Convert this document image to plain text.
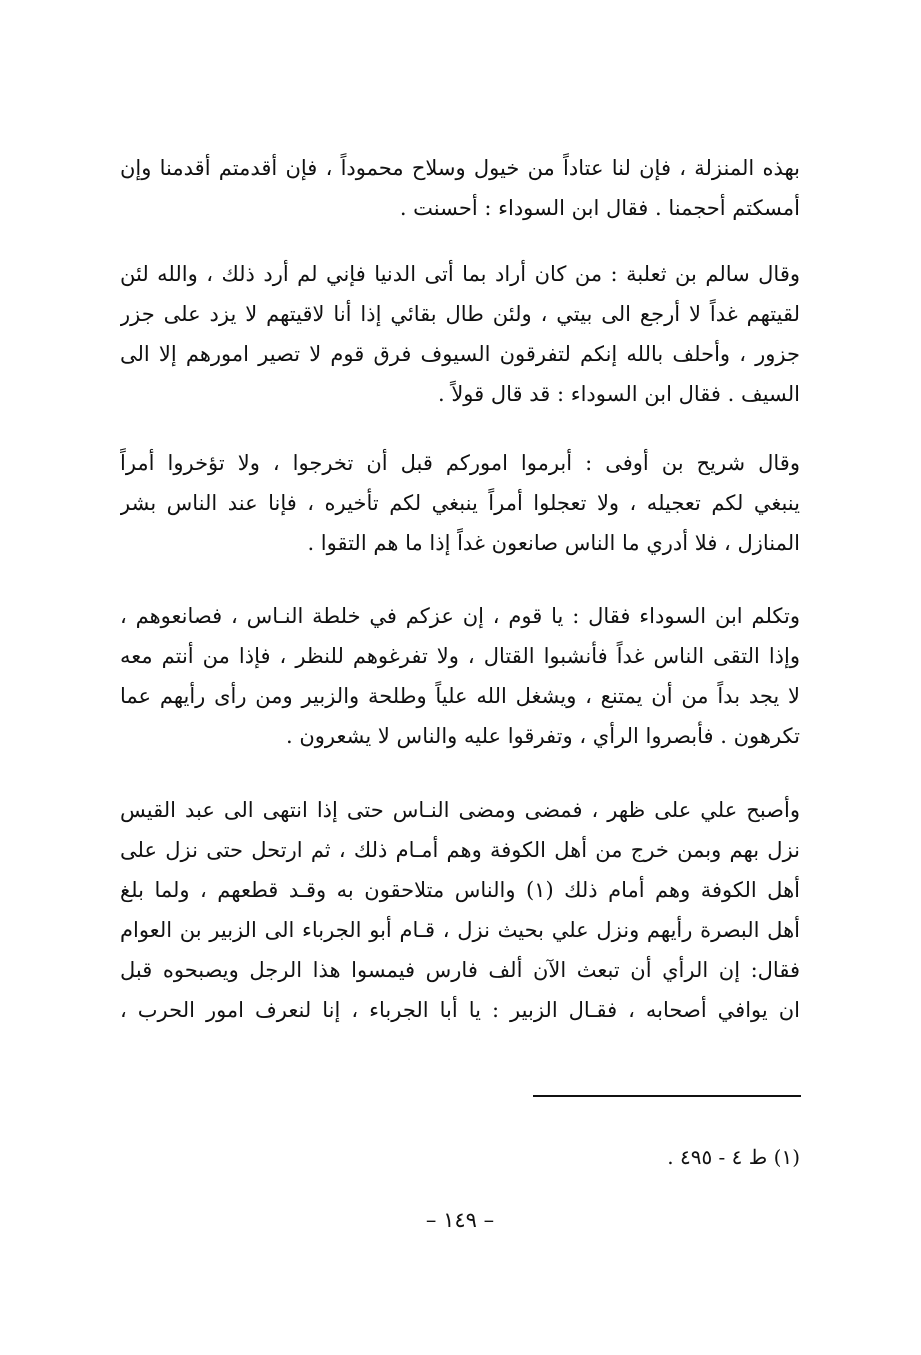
بهذه المنزلة ، فإن لنا عتاداً من خيول وسلاح محموداً ، فإن أقدمتم أقدمنا وإن
أمسكتم أحجمنا . فقال ابن السوداء : أحسنت .
وقال سالم بن ثعلبة : من كان أراد بما أتى الدنيا فإني لم أرد ذلك ، والله لئن
لقيتهم غداً لا أرجع الى بيتي ، ولئن طال بقائي إذا أنا لاقيتهم لا يزد على جزر
جزور ، وأحلف بالله إنكم لتفرقون السيوف فرق قوم لا تصير امورهم إلا الى
السيف . فقال ابن السوداء : قد قال قولاً .
وقال شريح بن أوفى : أبرموا اموركم قبل أن تخرجوا ، ولا تؤخروا أمراً
ينبغي لكم تعجيله ، ولا تعجلوا أمراً ينبغي لكم تأخيره ، فإنا عند الناس بشر
المنازل ، فلا أدري ما الناس صانعون غداً إذا ما هم التقوا .
وتكلم ابن السوداء فقال : يا قوم ، إن عزكم في خلطة النـاس ، فصانعوهم ،
وإذا التقى الناس غداً فأنشبوا القتال ، ولا تفرغوهم للنظر ، فإذا من أنتم معه
لا يجد بداً من أن يمتنع ، ويشغل الله علياً وطلحة والزبير ومن رأى رأيهم عما
تكرهون . فأبصروا الرأي ، وتفرقوا عليه والناس لا يشعرون .
وأصبح علي على ظهر ، فمضى ومضى النـاس حتى إذا انتهى الى عبد القيس
نزل بهم وبمن خرج من أهل الكوفة وهم أمـام ذلك ، ثم ارتحل حتى نزل على
أهل الكوفة وهم أمام ذلك (١) والناس متلاحقون به وقـد قطعهم ، ولما بلغ
أهل البصرة رأيهم ونزل علي بحيث نزل ، قـام أبو الجرباء الى الزبير بن العوام
فقال: إن الرأي أن تبعث الآن ألف فارس فيمسوا هذا الرجل ويصبحوه قبل
ان يوافي أصحابه ، فقـال الزبير : يا أبا الجرباء ، إنا لنعرف امور الحرب ،
(١) ط ٤ - ٤٩٥ .
– ١٤٩ –
